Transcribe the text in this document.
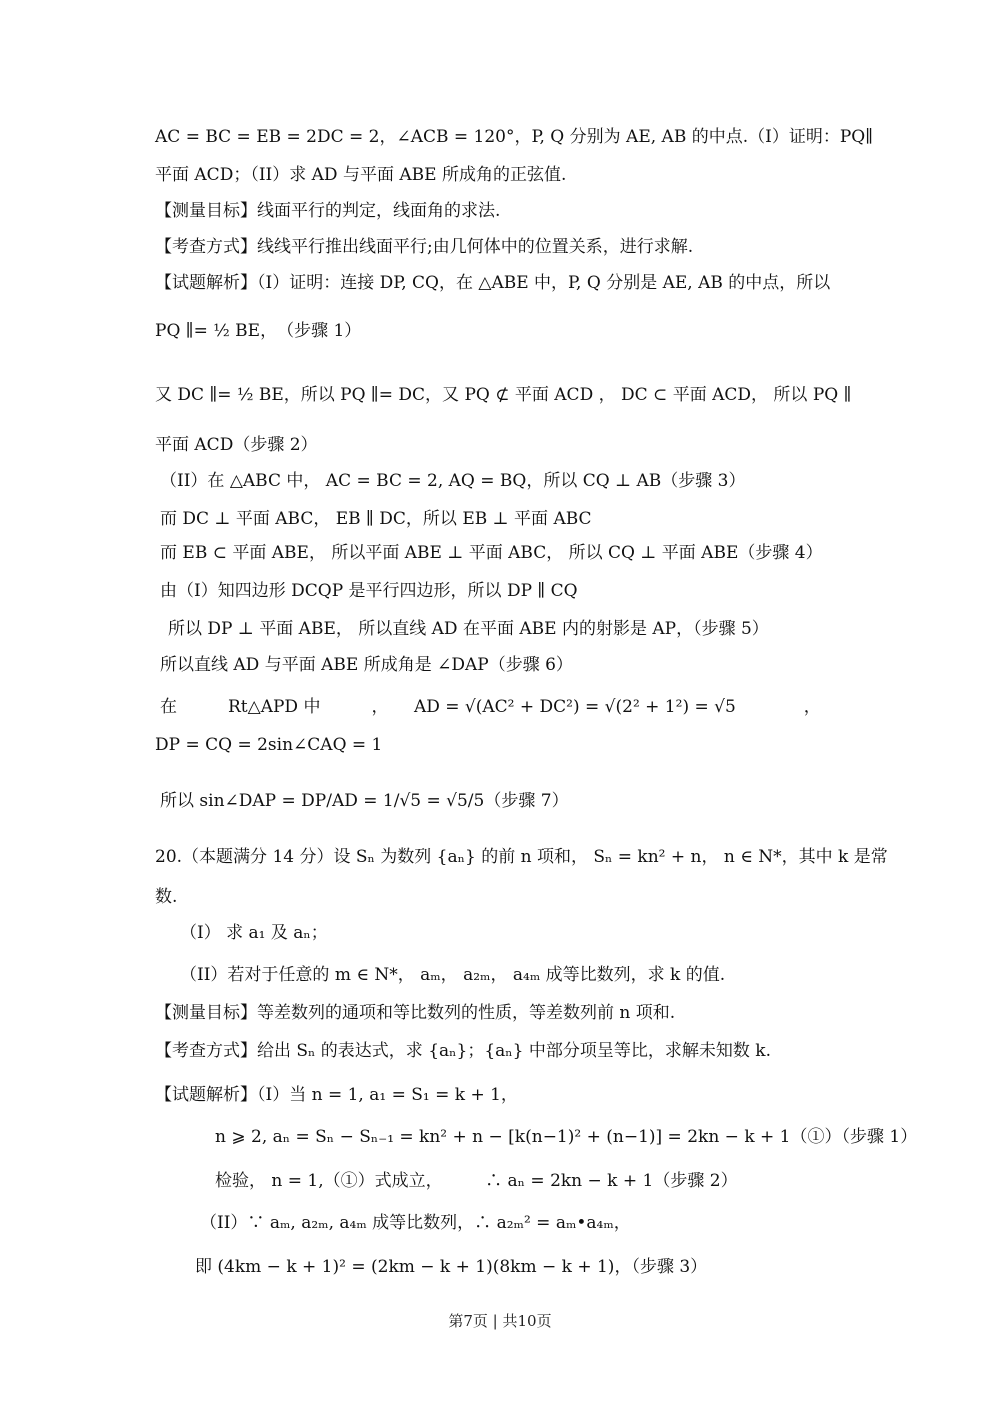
AC = BC = EB = 2DC = 2，∠ACB = 120°，P, Q 分别为 AE, AB 的中点.（I）证明：PQ∥
平面 ACD；（II）求 AD 与平面 ABE 所成角的正弦值.
【测量目标】线面平行的判定，线面角的求法.
【考查方式】线线平行推出线面平行;由几何体中的位置关系，进行求解.
【试题解析】（I）证明：连接 DP, CQ，在 △ABE 中，P, Q 分别是 AE, AB 的中点，所以
PQ ∥= ½ BE，　（步骤 1）
又 DC ∥= ½ BE，所以 PQ ∥= DC，又 PQ ⊄ 平面 ACD ， DC ⊂ 平面 ACD， 所以 PQ ∥
平面 ACD（步骤 2）
（II）在 △ABC 中， AC = BC = 2, AQ = BQ，所以 CQ ⊥ AB（步骤 3）
而 DC ⊥ 平面 ABC， EB ∥ DC，所以 EB ⊥ 平面 ABC
而 EB ⊂ 平面 ABE， 所以平面 ABE ⊥ 平面 ABC， 所以 CQ ⊥ 平面 ABE（步骤 4）
由（I）知四边形 DCQP 是平行四边形，所以 DP ∥ CQ
所以 DP ⊥ 平面 ABE， 所以直线 AD 在平面 ABE 内的射影是 AP，（步骤 5）
所以直线 AD 与平面 ABE 所成角是 ∠DAP（步骤 6）
在　　　Rt△APD 中　　　，　　AD = √(AC² + DC²) = √(2² + 1²) = √5　　　　，
DP = CQ = 2sin∠CAQ = 1
所以 sin∠DAP = DP/AD = 1/√5 = √5/5（步骤 7）
20.（本题满分 14 分）设 Sₙ 为数列 {aₙ} 的前 n 项和， Sₙ = kn² + n， n ∈ N*，其中 k 是常
数.
（I） 求 a₁ 及 aₙ；
（II）若对于任意的 m ∈ N*， aₘ， a₂ₘ， a₄ₘ 成等比数列，求 k 的值.
【测量目标】等差数列的通项和等比数列的性质，等差数列前 n 项和.
【考查方式】给出 Sₙ 的表达式，求 {aₙ}；{aₙ} 中部分项呈等比，求解未知数 k.
【试题解析】（I）当 n = 1, a₁ = S₁ = k + 1，
n ⩾ 2, aₙ = Sₙ − Sₙ₋₁ = kn² + n − [k(n−1)² + (n−1)] = 2kn − k + 1（①）（步骤 1）
检验， n = 1,（①）式成立，　　　∴ aₙ = 2kn − k + 1（步骤 2）
（II）∵ aₘ, a₂ₘ, a₄ₘ 成等比数列，∴ a₂ₘ² = aₘ•a₄ₘ，
即 (4km − k + 1)² = (2km − k + 1)(8km − k + 1)，（步骤 3）
第7页 | 共10页
